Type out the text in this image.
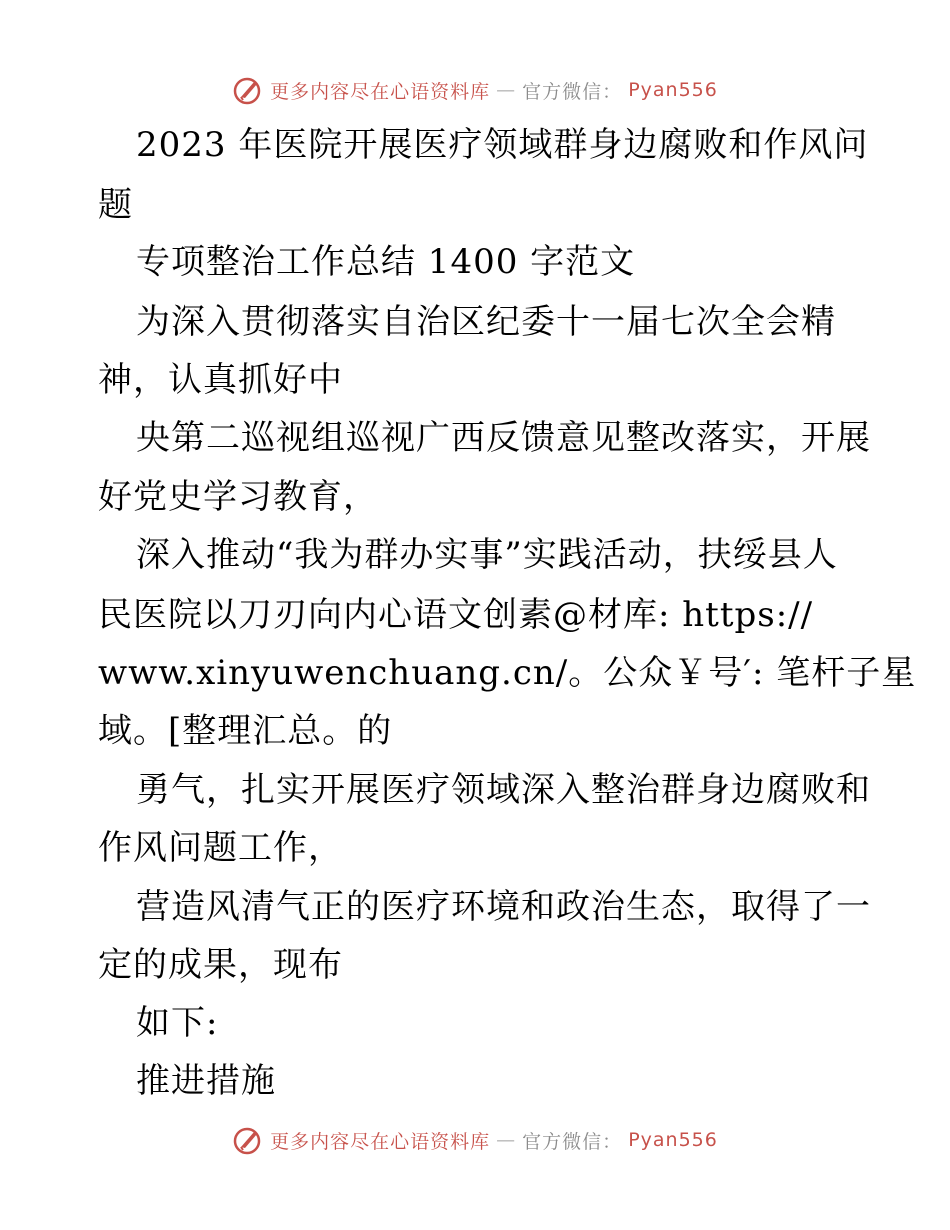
更多内容尽在心语资料库 — 官方微信： Pyan556
2023 年医院开展医疗领域群身边腐败和作风问
题
专项整治工作总结 1400 字范文
为深入贯彻落实自治区纪委十一届七次全会精
神，认真抓好中
央第二巡视组巡视广西反馈意见整改落实，开展
好党史学习教育，
深入推动“我为群办实事”实践活动，扶绥县人
民医院以刀刃向内心语文创素@材库: https://
www.xinyuwenchuang.cn/。公众￥号′: 笔杆子星
域。[整理汇总。的
勇气，扎实开展医疗领域深入整治群身边腐败和
作风问题工作，
营造风清气正的医疗环境和政治生态，取得了一
定的成果，现布
如下:
推进措施
更多内容尽在心语资料库 — 官方微信： Pyan556
